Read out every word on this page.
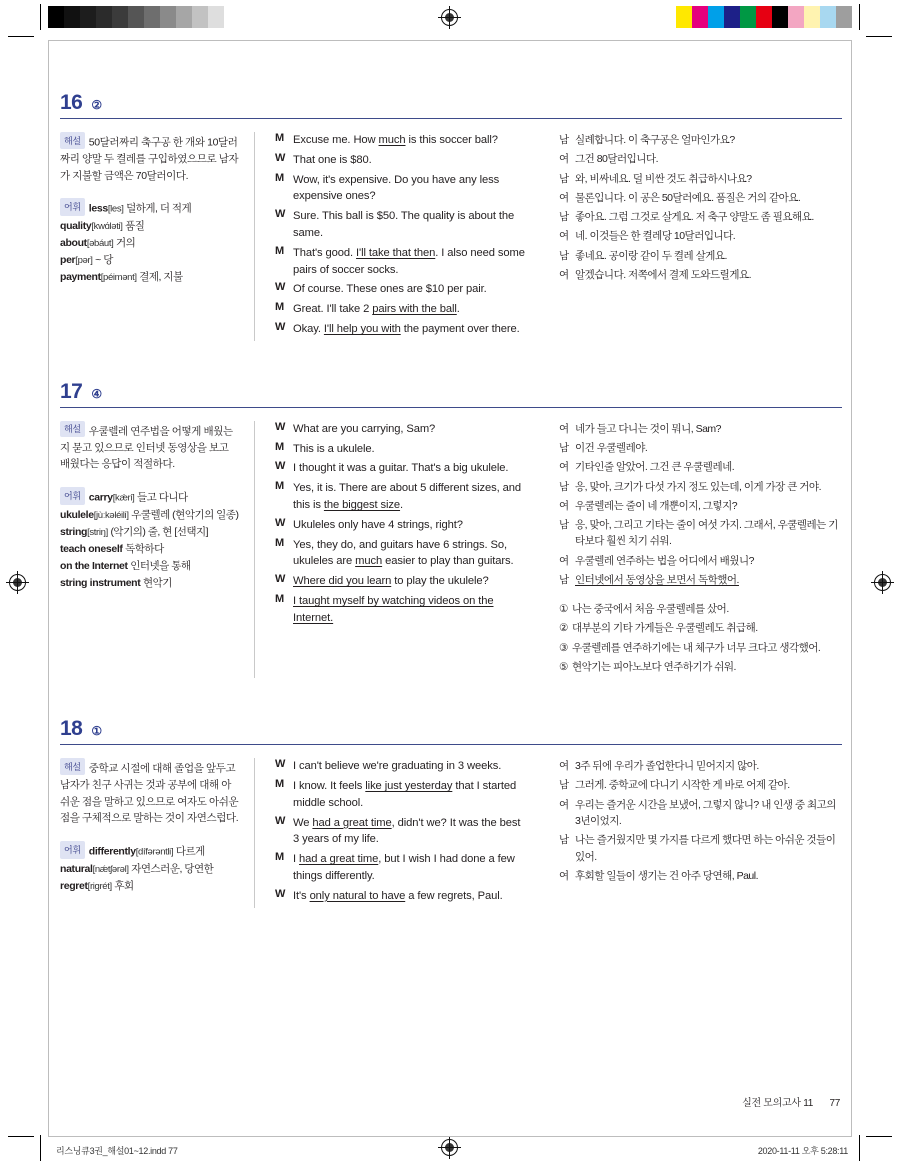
16 ②
해설 50달러짜리 축구공 한 개와 10달러짜리 양말 두 켤레를 구입하였으므로 남자가 지불할 금액은 70달러이다.
어휘 less[les] 덜하게, 더 적게
quality[kwɑ́ləti] 품질
about[əbáut] 거의
per[pər] ~ 당
payment[péimənt] 결제, 지불
M Excuse me. How much is this soccer ball?
W That one is $80.
M Wow, it's expensive. Do you have any less expensive ones?
W Sure. This ball is $50. The quality is about the same.
M That's good. I'll take that then. I also need some pairs of soccer socks.
W Of course. These ones are $10 per pair.
M Great. I'll take 2 pairs with the ball.
W Okay. I'll help you with the payment over there.
남 실례합니다. 이 축구공은 얼마인가요?
여 그건 80달러입니다.
남 와, 비싸네요. 덜 비싼 것도 취급하시나요?
여 물론입니다. 이 공은 50달러예요. 품질은 거의 같아요.
남 좋아요. 그럼 그것로 살게요. 저 축구 양말도 좀 필요해요.
여 네. 이것들은 한 켤레당 10달러입니다.
남 좋네요. 공이랑 같이 두 켤레 살게요.
여 알겠습니다. 저쪽에서 결제 도와드릴게요.
17 ④
해설 우쿨렐레 연주법을 어떻게 배웠는지 묻고 있으므로 인터넷 동영상을 보고 배웠다는 응답이 적절하다.
어휘 carry[kǽri] 들고 다니다
ukulele[jùːkəléili] 우쿨렐레 (현악기의 일종)
string[striŋ] (악기의) 줄, 현 [선택지]
teach oneself 독학하다
on the Internet 인터넷을 통해
string instrument 현악기
W What are you carrying, Sam?
M This is a ukulele.
W I thought it was a guitar. That's a big ukulele.
M Yes, it is. There are about 5 different sizes, and this is the biggest size.
W Ukuleles only have 4 strings, right?
M Yes, they do, and guitars have 6 strings. So, ukuleles are much easier to play than guitars.
W Where did you learn to play the ukulele?
M I taught myself by watching videos on the Internet.
여 네가 들고 다니는 것이 뭐니, Sam?
남 이건 우쿨렐레야.
여 기타인줄 알았어. 그건 큰 우쿨렐레네.
남 응, 맞아, 크기가 다섯 가지 정도 있는데, 이게 가장 큰 거야.
여 우쿨렐레는 줄이 네 개뿐이지, 그렇지?
남 응, 맞아, 그리고 기타는 줄이 여섯 가지. 그래서, 우쿨렐레는 기타보다 훨씬 치기 쉬워.
여 우쿨렐레 연주하는 법을 어디에서 배웠니?
남 인터넷에서 동영상을 보면서 독학했어.
① 나는 중국에서 처음 우쿨렐레를 샀어.
② 대부분의 기타 가게들은 우쿨렐레도 취급해.
③ 우쿨렐레를 연주하기에는 내 체구가 너무 크다고 생각했어.
⑤ 현악기는 피아노보다 연주하기가 쉬워.
18 ①
해설 중학교 시절에 대해 졸업을 앞두고 남자가 친구 사귀는 것과 공부에 대해 아쉬운 점을 말하고 있으므로 여자도 아쉬운 점을 구체적으로 말하는 것이 자연스럽다.
어휘 differently[dífərəntli] 다르게
natural[nǽtʃərəl] 자연스러운, 당연한
regret[rigrét] 후회
W I can't believe we're graduating in 3 weeks.
M I know. It feels like just yesterday that I started middle school.
W We had a great time, didn't we? It was the best 3 years of my life.
M I had a great time, but I wish I had done a few things differently.
W It's only natural to have a few regrets, Paul.
여 3주 뒤에 우리가 졸업한다니 믿어지지 않아.
남 그러게. 중학교에 다니기 시작한 게 바로 어제 같아.
여 우리는 즐거운 시간을 보냈어, 그렇지 않니? 내 인생 중 최고의 3년이었지.
남 나는 즐거웠지만 몇 가지를 다르게 했다면 하는 아쉬운 것들이 있어.
여 후회할 일들이 생기는 건 아주 당연해, Paul.
실전 모의고사 11 77
리스닝큐3권_해설01~12.indd 77	2020-11-11 오후 5:28:11
